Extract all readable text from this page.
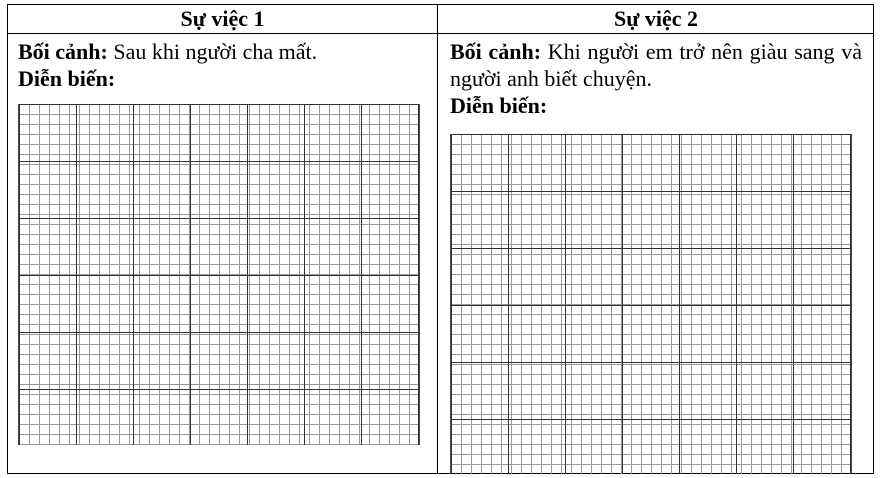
Sự việc 1	Sự việc 2

Bối cảnh: Sau khi người cha mất.

Diễn biến:

Bối cảnh: Khi người em trở nên giàu sang và người anh biết chuyện.

Diễn biến:
